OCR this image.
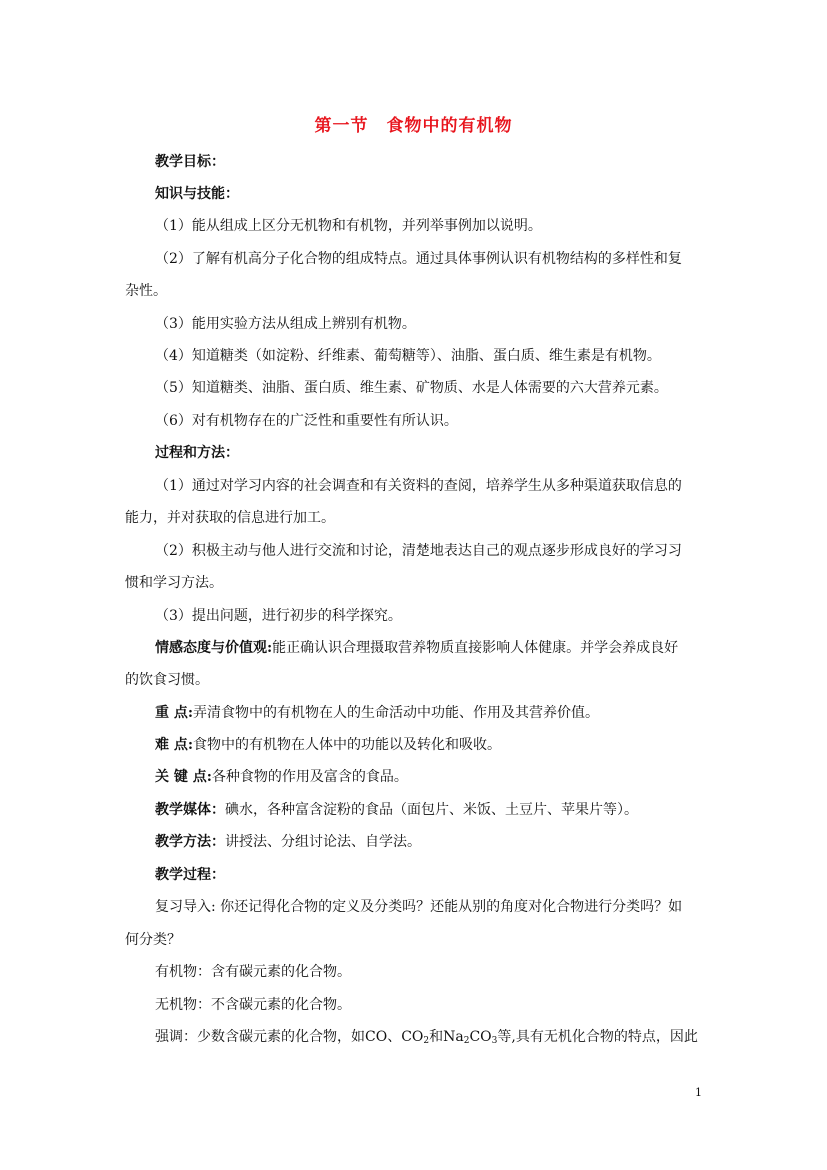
第一节　食物中的有机物
教学目标：
知识与技能：
（1）能从组成上区分无机物和有机物，并列举事例加以说明。
（2）了解有机高分子化合物的组成特点。通过具体事例认识有机物结构的多样性和复
杂性。
（3）能用实验方法从组成上辨别有机物。
（4）知道糖类（如淀粉、纤维素、葡萄糖等）、油脂、蛋白质、维生素是有机物。
（5）知道糖类、油脂、蛋白质、维生素、矿物质、水是人体需要的六大营养元素。
（6）对有机物存在的广泛性和重要性有所认识。
过程和方法：
（1）通过对学习内容的社会调查和有关资料的查阅，培养学生从多种渠道获取信息的
能力，并对获取的信息进行加工。
（2）积极主动与他人进行交流和讨论，清楚地表达自己的观点逐步形成良好的学习习
惯和学习方法。
（3）提出问题，进行初步的科学探究。
情感态度与价值观:能正确认识合理摄取营养物质直接影响人体健康。并学会养成良好
的饮食习惯。
重 点:弄清食物中的有机物在人的生命活动中功能、作用及其营养价值。
难 点:食物中的有机物在人体中的功能以及转化和吸收。
关 键 点:各种食物的作用及富含的食品。
教学媒体：碘水，各种富含淀粉的食品（面包片、米饭、土豆片、苹果片等）。
教学方法：讲授法、分组讨论法、自学法。
教学过程：
复习导入: 你还记得化合物的定义及分类吗？还能从别的角度对化合物进行分类吗？如
何分类？
有机物：含有碳元素的化合物。
无机物：不含碳元素的化合物。
强调：少数含碳元素的化合物，如CO、$CO_2$和$Na_2CO_3$等,具有无机化合物的特点，因此
1
